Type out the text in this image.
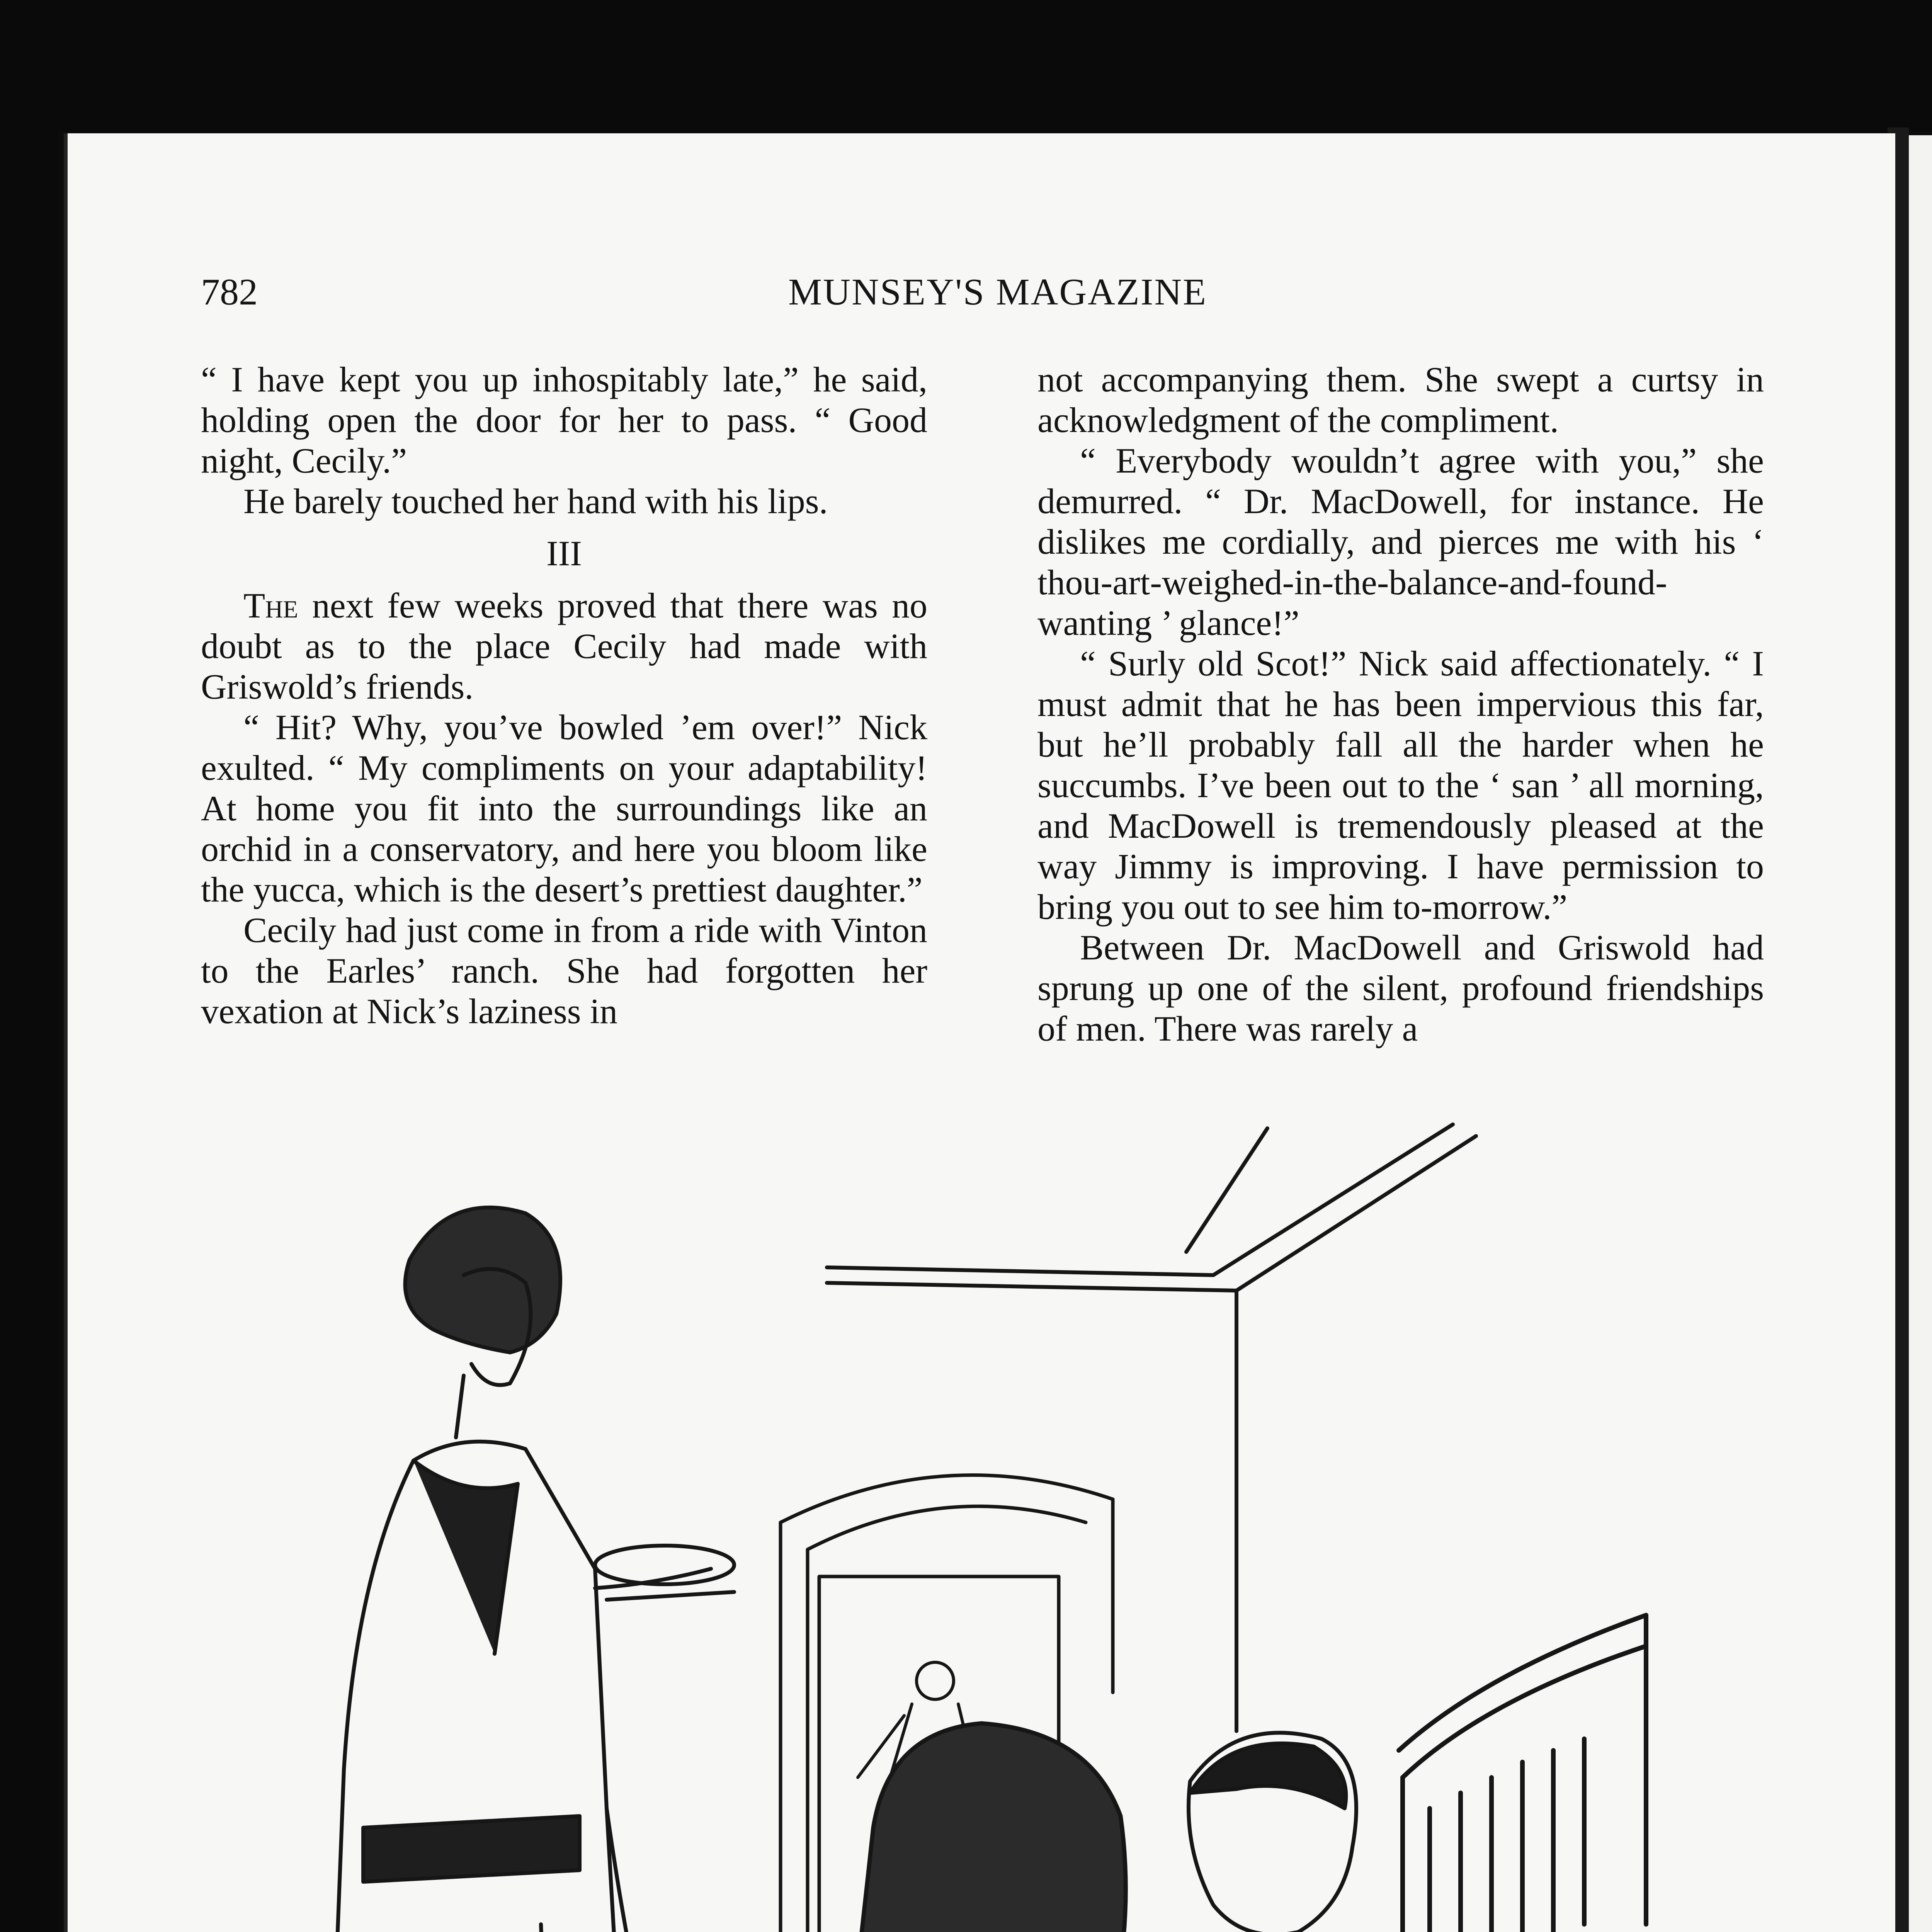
782	MUNSEY'S MAGAZINE

“ I have kept you up inhospitably late,” he said, holding open the door for her to pass. “ Good night, Cecily.”

He barely touched her hand with his lips.

III

The next few weeks proved that there was no doubt as to the place Cecily had made with Griswold’s friends.

“ Hit? Why, you’ve bowled ’em over!” Nick exulted. “ My compliments on your adaptability! At home you fit into the surroundings like an orchid in a conservatory, and here you bloom like the yucca, which is the desert’s prettiest daughter.”

Cecily had just come in from a ride with Vinton to the Earles’ ranch. She had forgotten her vexation at Nick’s laziness in

not accompanying them. She swept a curtsy in acknowledgment of the compliment.

“ Everybody wouldn’t agree with you,” she demurred. “ Dr. MacDowell, for instance. He dislikes me cordially, and pierces me with his ‘ thou-art-weighed-in-the-balance-and-found-wanting ’ glance!”

“ Surly old Scot!” Nick said affectionately. “ I must admit that he has been impervious this far, but he’ll probably fall all the harder when he succumbs. I’ve been out to the ‘ san ’ all morning, and MacDowell is tremendously pleased at the way Jimmy is improving. I have permission to bring you out to see him to-morrow.”

Between Dr. MacDowell and Griswold had sprung up one of the silent, profound friendships of men. There was rarely a
